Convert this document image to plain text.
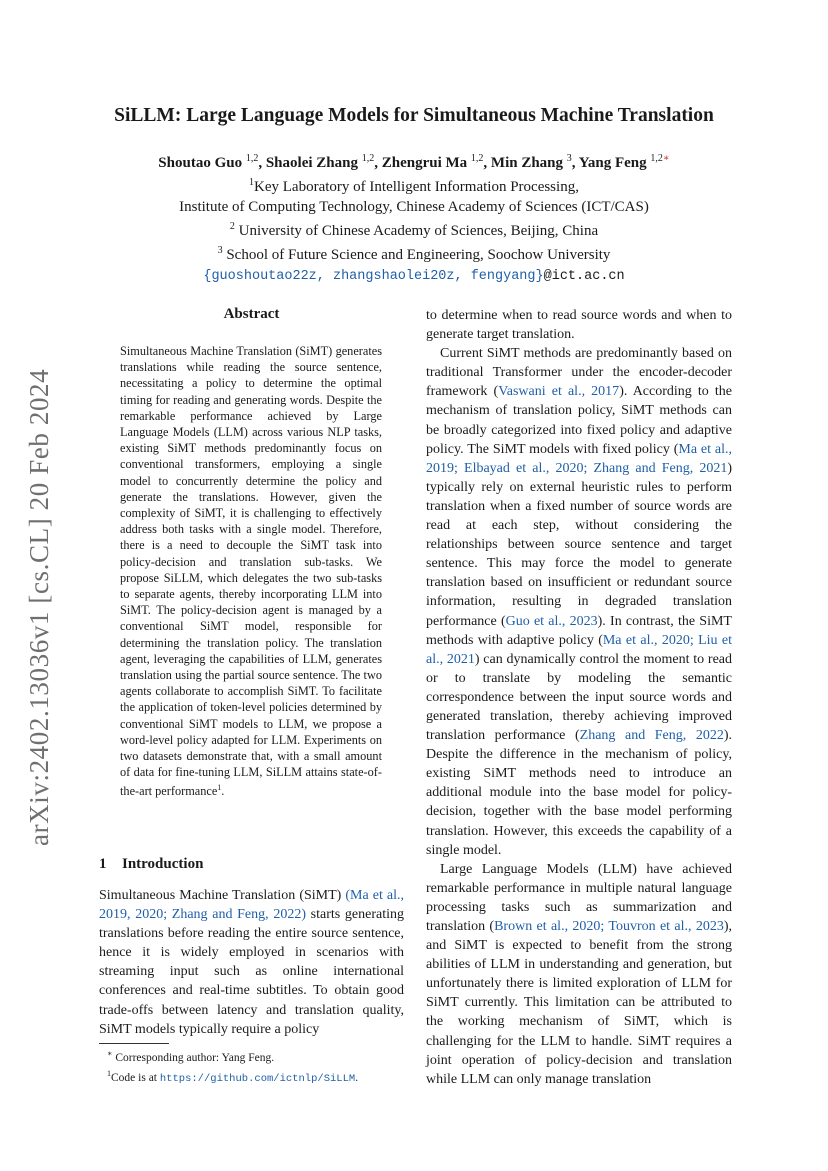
arXiv:2402.13036v1 [cs.CL] 20 Feb 2024
SiLLM: Large Language Models for Simultaneous Machine Translation
Shoutao Guo $^{1,2}$, Shaolei Zhang $^{1,2}$, Zhengrui Ma $^{1,2}$, Min Zhang $^3$, Yang Feng $^{1,2∗}$
$^1$Key Laboratory of Intelligent Information Processing,
Institute of Computing Technology, Chinese Academy of Sciences (ICT/CAS)
$^2$ University of Chinese Academy of Sciences, Beijing, China
$^3$ School of Future Science and Engineering, Soochow University
{guoshoutao22z, zhangshaolei20z, fengyang}@ict.ac.cn
Abstract
Simultaneous Machine Translation (SiMT) generates translations while reading the source sentence, necessitating a policy to determine the optimal timing for reading and generating words. Despite the remarkable performance achieved by Large Language Models (LLM) across various NLP tasks, existing SiMT methods predominantly focus on conventional transformers, employing a single model to concurrently determine the policy and generate the translations. However, given the complexity of SiMT, it is challenging to effectively address both tasks with a single model. Therefore, there is a need to decouple the SiMT task into policy-decision and translation sub-tasks. We propose SiLLM, which delegates the two sub-tasks to separate agents, thereby incorporating LLM into SiMT. The policy-decision agent is managed by a conventional SiMT model, responsible for determining the translation policy. The translation agent, leveraging the capabilities of LLM, generates translation using the partial source sentence. The two agents collaborate to accomplish SiMT. To facilitate the application of token-level policies determined by conventional SiMT models to LLM, we propose a word-level policy adapted for LLM. Experiments on two datasets demonstrate that, with a small amount of data for fine-tuning LLM, SiLLM attains state-of-the-art performance$^1$.
1 Introduction
Simultaneous Machine Translation (SiMT) (Ma et al., 2019, 2020; Zhang and Feng, 2022) starts generating translations before reading the entire source sentence, hence it is widely employed in scenarios with streaming input such as online international conferences and real-time subtitles. To obtain good trade-offs between latency and translation quality, SiMT models typically require a policy
∗ Corresponding author: Yang Feng.
$^1$Code is at https://github.com/ictnlp/SiLLM.

to determine when to read source words and when to generate target translation.

Current SiMT methods are predominantly based on traditional Transformer under the encoder-decoder framework (Vaswani et al., 2017). According to the mechanism of translation policy, SiMT methods can be broadly categorized into fixed policy and adaptive policy. The SiMT models with fixed policy (Ma et al., 2019; Elbayad et al., 2020; Zhang and Feng, 2021) typically rely on external heuristic rules to perform translation when a fixed number of source words are read at each step, without considering the relationships between source sentence and target sentence. This may force the model to generate translation based on insufficient or redundant source information, resulting in degraded translation performance (Guo et al., 2023). In contrast, the SiMT methods with adaptive policy (Ma et al., 2020; Liu et al., 2021) can dynamically control the moment to read or to translate by modeling the semantic correspondence between the input source words and generated translation, thereby achieving improved translation performance (Zhang and Feng, 2022). Despite the difference in the mechanism of policy, existing SiMT methods need to introduce an additional module into the base model for policy-decision, together with the base model performing translation. However, this exceeds the capability of a single model.

Large Language Models (LLM) have achieved remarkable performance in multiple natural language processing tasks such as summarization and translation (Brown et al., 2020; Touvron et al., 2023), and SiMT is expected to benefit from the strong abilities of LLM in understanding and generation, but unfortunately there is limited exploration of LLM for SiMT currently. This limitation can be attributed to the working mechanism of SiMT, which is challenging for the LLM to handle. SiMT requires a joint operation of policy-decision and translation while LLM can only manage translation
